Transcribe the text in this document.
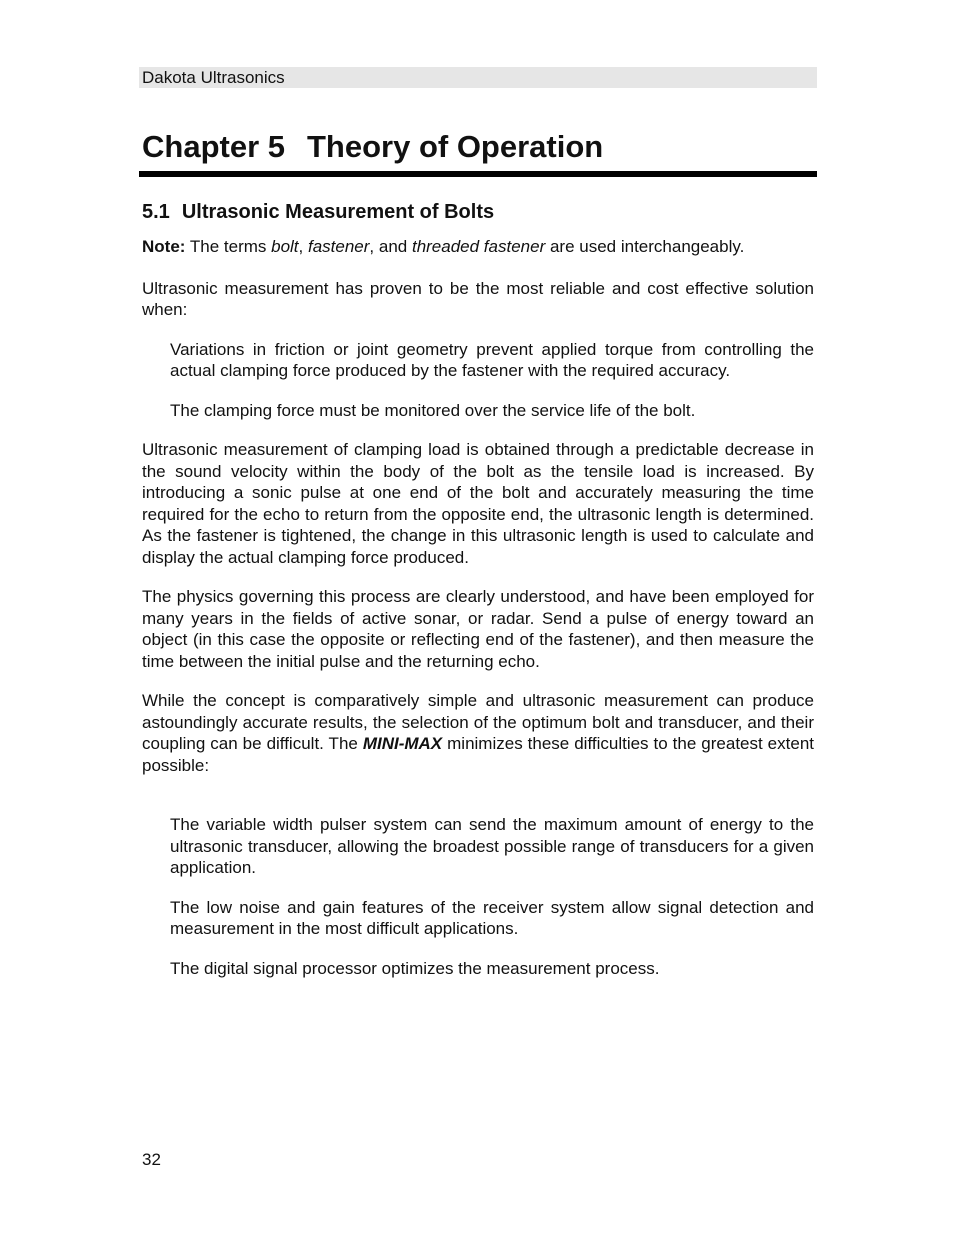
Dakota Ultrasonics
Chapter 5 Theory of Operation
5.1 Ultrasonic Measurement of Bolts

Note: The terms bolt, fastener, and threaded fastener are used interchangeably.

Ultrasonic measurement has proven to be the most reliable and cost effective solution when:

Variations in friction or joint geometry prevent applied torque from controlling the actual clamping force produced by the fastener with the required accuracy.

The clamping force must be monitored over the service life of the bolt.

Ultrasonic measurement of clamping load is obtained through a predictable decrease in the sound velocity within the body of the bolt as the tensile load is increased. By introducing a sonic pulse at one end of the bolt and accurately measuring the time required for the echo to return from the opposite end, the ultrasonic length is determined. As the fastener is tightened, the change in this ultrasonic length is used to calculate and display the actual clamping force produced.

The physics governing this process are clearly understood, and have been employed for many years in the fields of active sonar, or radar. Send a pulse of energy toward an object (in this case the opposite or reflecting end of the fastener), and then measure the time between the initial pulse and the returning echo.

While the concept is comparatively simple and ultrasonic measurement can produce astoundingly accurate results, the selection of the optimum bolt and transducer, and their coupling can be difficult. The MINI-MAX minimizes these difficulties to the greatest extent possible:

The variable width pulser system can send the maximum amount of energy to the ultrasonic transducer, allowing the broadest possible range of transducers for a given application.

The low noise and gain features of the receiver system allow signal detection and measurement in the most difficult applications.

The digital signal processor optimizes the measurement process.

32
